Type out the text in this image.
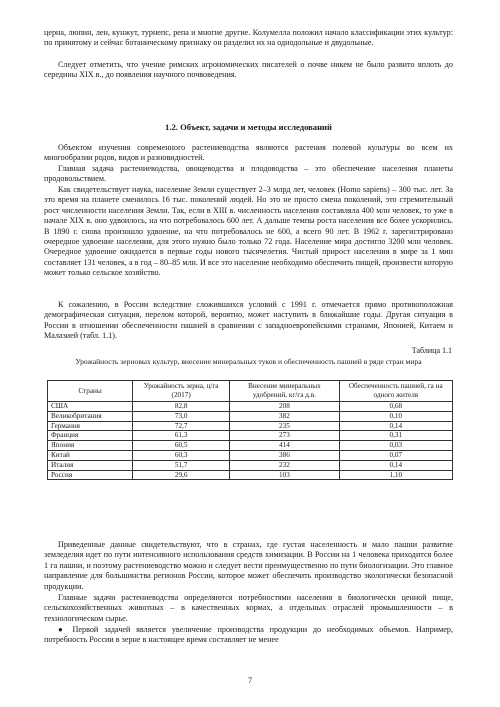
церна, люпин, лен, кунжут, турнепс, репа и многие другие. Колумелла положил начало классификации этих культур: по принятому и сейчас ботаническому признаку он разделил их на однодольные и двудольные.

Следует отметить, что учение римских агрономических писателей о почве никем не было развито вплоть до середины XIX в., до появления научного почвоведения.

1.2. Объект, задачи и методы исследований

Объектом изучения современного растениеводства являются растения полевой культуры во всем их многообразии родов, видов и разновидностей.

Главная задача растениеводства, овощеводства и плодоводства – это обеспечение населения планеты продовольствием.

Как свидетельствует наука, население Земли существует 2–3 млрд лет, человек (Homo sapiens) – 300 тыс. лет. За это время на планете сменилось 16 тыс. поколений людей. Но это не просто смена поколений, это стремительный рост численности населения Земли. Так, если в XIII в. численность населения составляла 400 млн человек, то уже в начале XIX в. оно удвоилось, на что потребовалось 600 лет. А дальше темпы роста населения все более ускорились. В 1890 г. снова произошло удвоение, на что потребовалось не 600, а всего 90 лет. В 1962 г. зарегистрировано очередное удвоение населения, для этого нужно было только 72 года. Население мира достигло 3200 млн человек. Очередное удвоение ожидается в первые годы нового тысячелетия. Чистый прирост населения в мире за 1 мин составляет 131 человек, а в год – 80–85 млн. И все это население необходимо обеспечить пищей, произвести которую может только сельское хозяйство.

К сожалению, в России вследствие сложившихся условий с 1991 г. отмечается прямо противоположная демографическая ситуация, перелом которой, вероятно, может наступить в ближайшие годы. Другая ситуация в России в отношении обеспеченности пашней в сравнении с западноевропейскими странами, Японией, Китаем и Малазией (табл. 1.1).

Таблица 1.1

Урожайность зерновых культур, внесение минеральных туков и обеспеченность пашней в ряде стран мира

Страны	Урожайность зерна, ц/га (2017)	Внесение минеральных удобрений, кг/га д.в.	Обеспеченность пашней, га на одного жителя
США	82,8	208	0,68
Великобритания	73,0	382	0,10
Германия	72,7	235	0,14
Франция	61,3	273	0,31
Япония	60,5	414	0,03
Китай	60,3	386	0,07
Италия	51,7	232	0,14
Россия	29,6	103	1,10

Приведенные данные свидетельствуют, что в странах, где густая населенность и мало пашни развитие земледелия идет по пути интенсивного использования средств химизации. В России на 1 человека приходится более 1 га пашни, и поэтому растениеводство можно и следует вести преимущественно по пути биологизации. Это главное направление для большинства регионов России, которое может обеспечить производство экологически безопасной продукции.

Главные задачи растениеводства определяются потребностями населения в биологически ценной пище, сельскохозяйственных животных – в качественных кормах, а отдельных отраслей промышленности – в технологическом сырье.

● Первой задачей является увеличение производства продукции до необходимых объемов. Например, потребность России в зерне в настоящее время составляет не менее

7
